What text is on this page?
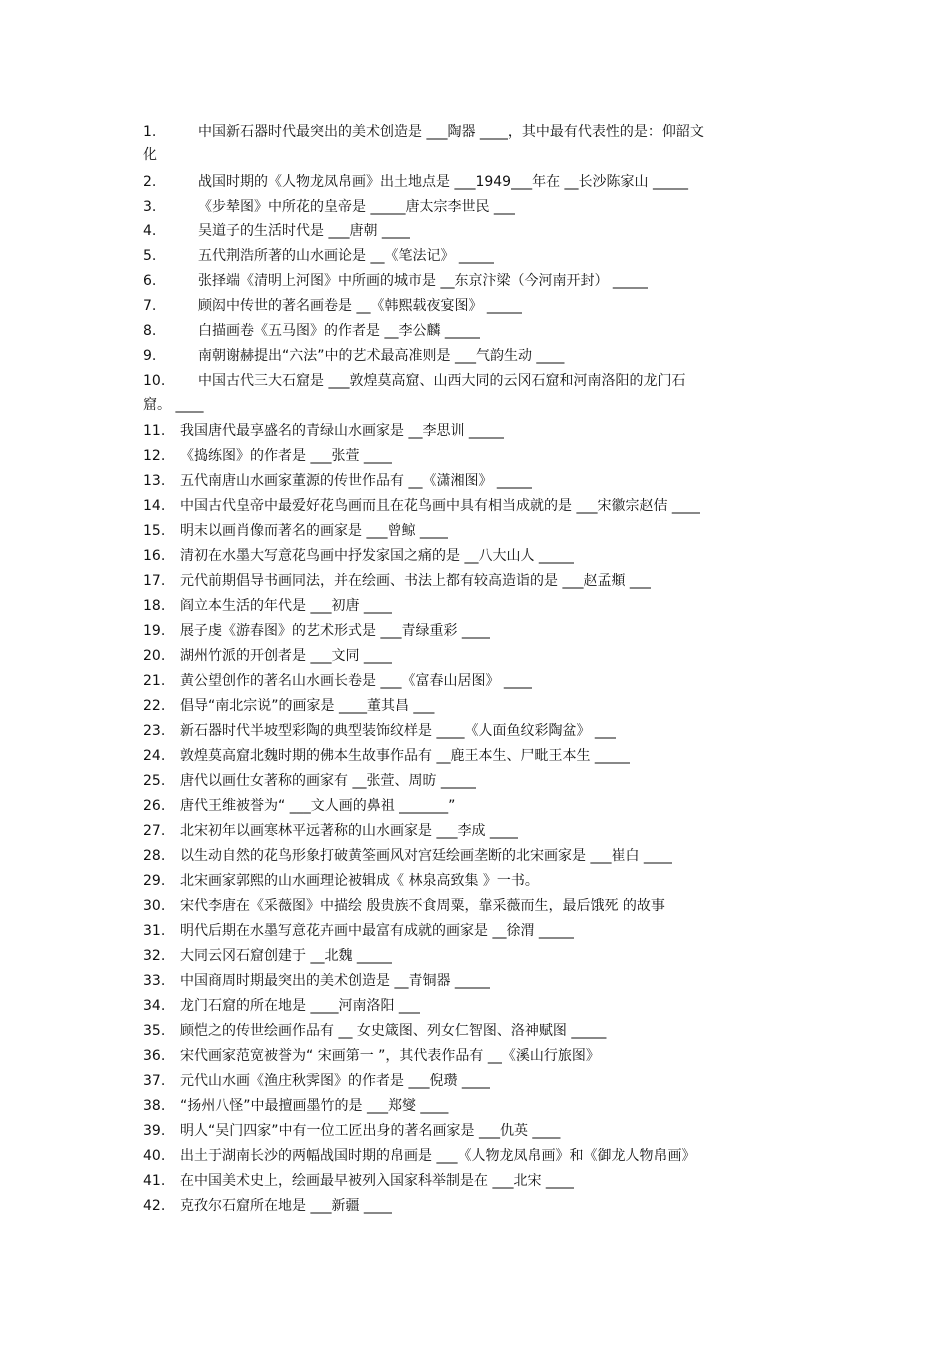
1.	中国新石器时代最突出的美术创造是 ___陶器 ____，其中最有代表性的是：仰韶文
化
2.	战国时期的《人物龙凤帛画》出土地点是 ___1949___年在 __长沙陈家山 _____
3.	《步辇图》中所花的皇帝是 _____唐太宗李世民 ___
4.	吴道子的生活时代是 ___唐朝 ____
5.	五代荆浩所著的山水画论是 __《笔法记》 _____
6.	张择端《清明上河图》中所画的城市是 __东京汴梁（今河南开封） _____
7.	顾闳中传世的著名画卷是 __《韩熙载夜宴图》 _____
8.	白描画卷《五马图》的作者是 __李公麟 _____
9.	南朝谢赫提出“六法”中的艺术最高准则是 ___气韵生动 ____
10. 中国古代三大石窟是 ___敦煌莫高窟、山西大同的云冈石窟和河南洛阳的龙门石
窟。 ____
11. 我国唐代最享盛名的青绿山水画家是 __李思训 _____
12. 《捣练图》的作者是 ___张萱 ____
13. 五代南唐山水画家董源的传世作品有 __《潇湘图》 _____
14. 中国古代皇帝中最爱好花鸟画而且在花鸟画中具有相当成就的是 ___宋徽宗赵佶 ____
15. 明末以画肖像而著名的画家是 ___曾鲸 ____
16. 清初在水墨大写意花鸟画中抒发家国之痛的是 __八大山人 _____
17. 元代前期倡导书画同法，并在绘画、书法上都有较高造诣的是 ___赵孟頫 ___
18. 阎立本生活的年代是 ___初唐 ____
19. 展子虔《游春图》的艺术形式是 ___青绿重彩 ____
20. 湖州竹派的开创者是 ___文同 ____
21. 黄公望创作的著名山水画长卷是 ___《富春山居图》 ____
22. 倡导“南北宗说”的画家是 ____董其昌 ___
23. 新石器时代半坡型彩陶的典型装饰纹样是 ____《人面鱼纹彩陶盆》 ___
24. 敦煌莫高窟北魏时期的佛本生故事作品有 __鹿王本生、尸毗王本生 _____
25. 唐代以画仕女著称的画家有 __张萱、周昉 _____
26. 唐代王维被誉为“ ___文人画的鼻祖 _______”
27. 北宋初年以画寒林平远著称的山水画家是 ___李成 ____
28. 以生动自然的花鸟形象打破黄筌画风对宫廷绘画垄断的北宋画家是 ___崔白 ____
29. 北宋画家郭熙的山水画理论被辑成《 林泉高致集 》一书。
30. 宋代李唐在《采薇图》中描绘 殷贵族不食周粟，靠采薇而生，最后饿死 的故事
31. 明代后期在水墨写意花卉画中最富有成就的画家是 __徐渭 _____
32. 大同云冈石窟创建于 __北魏 _____
33. 中国商周时期最突出的美术创造是 __青铜器 _____
34. 龙门石窟的所在地是 ____河南洛阳 ___
35. 顾恺之的传世绘画作品有 __ 女史箴图、列女仁智图、洛神赋图 _____
36. 宋代画家范宽被誉为“ 宋画第一 ”，其代表作品有 __《溪山行旅图》
37. 元代山水画《渔庄秋霁图》的作者是 ___倪瓒 ____
38. “扬州八怪”中最擅画墨竹的是 ___郑燮 ____
39. 明人“吴门四家”中有一位工匠出身的著名画家是 ___仇英 ____
40. 出土于湖南长沙的两幅战国时期的帛画是 ___《人物龙凤帛画》和《御龙人物帛画》
41. 在中国美术史上，绘画最早被列入国家科举制是在 ___北宋 ____
42. 克孜尔石窟所在地是 ___新疆 ____
